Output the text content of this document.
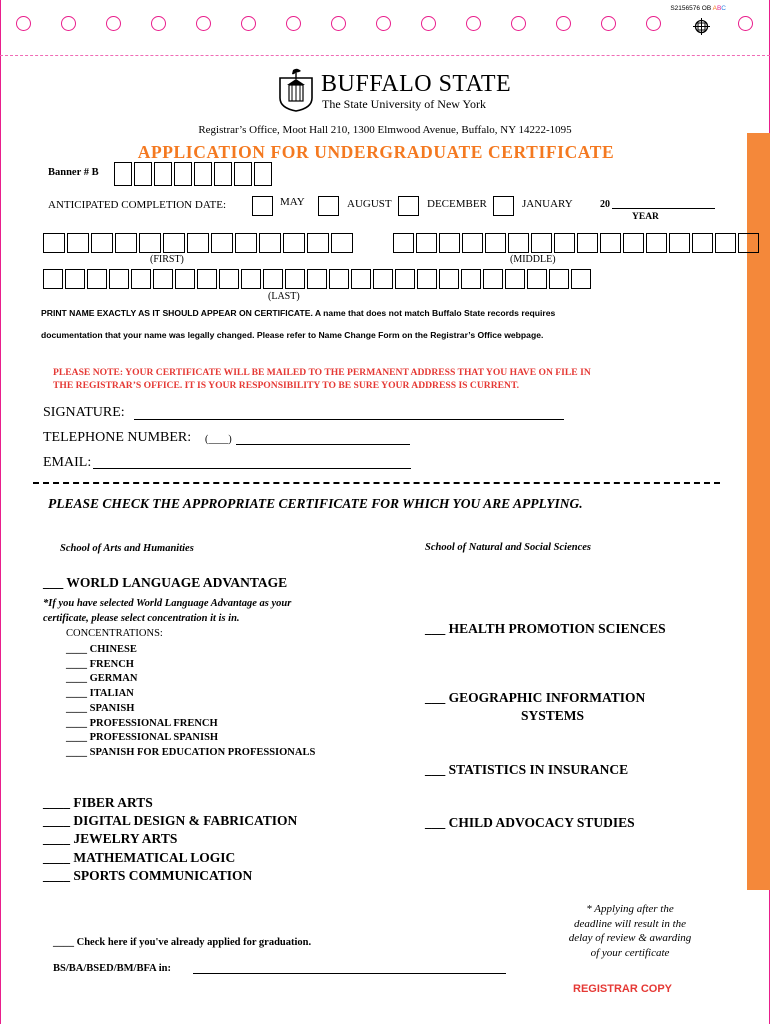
S2156576 OB ABC
BUFFALO STATE
The State University of New York
Registrar’s Office, Moot Hall 210, 1300 Elmwood Avenue, Buffalo, NY 14222-1095
APPLICATION FOR UNDERGRADUATE CERTIFICATE
Banner # B
ANTICIPATED COMPLETION DATE:	MAY	AUGUST	DECEMBER	JANUARY	20
YEAR
(FIRST)	(MIDDLE)
(LAST)
PRINT NAME EXACTLY AS IT SHOULD APPEAR ON CERTIFICATE. A name that does not match Buffalo State records requires
documentation that your name was legally changed. Please refer to Name Change Form on the Registrar’s Office webpage.
PLEASE NOTE: YOUR CERTIFICATE WILL BE MAILED TO THE PERMANENT ADDRESS THAT YOU HAVE ON FILE IN
THE REGISTRAR’S OFFICE. IT IS YOUR RESPONSIBILITY TO BE SURE YOUR ADDRESS IS CURRENT.
SIGNATURE:
TELEPHONE NUMBER: (____)
EMAIL:
PLEASE CHECK THE APPROPRIATE CERTIFICATE FOR WHICH YOU ARE APPLYING.
School of Arts and Humanities	School of Natural and Social Sciences
___ WORLD LANGUAGE ADVANTAGE
*If you have selected World Language Advantage as your
certificate, please select concentration it is in.
CONCENTRATIONS:
____ CHINESE
____ FRENCH
____ GERMAN
____ ITALIAN
____ SPANISH
____ PROFESSIONAL FRENCH
____ PROFESSIONAL SPANISH
____ SPANISH FOR EDUCATION PROFESSIONALS
____ FIBER ARTS
____ DIGITAL DESIGN & FABRICATION
____ JEWELRY ARTS
____ MATHEMATICAL LOGIC
____ SPORTS COMMUNICATION
___ HEALTH PROMOTION SCIENCES
___ GEOGRAPHIC INFORMATION
SYSTEMS
___ STATISTICS IN INSURANCE
___ CHILD ADVOCACY STUDIES
* Applying after the
deadline will result in the
delay of review & awarding
of your certificate
____ Check here if you've already applied for graduation.
BS/BA/BSED/BM/BFA in:
REGISTRAR COPY
